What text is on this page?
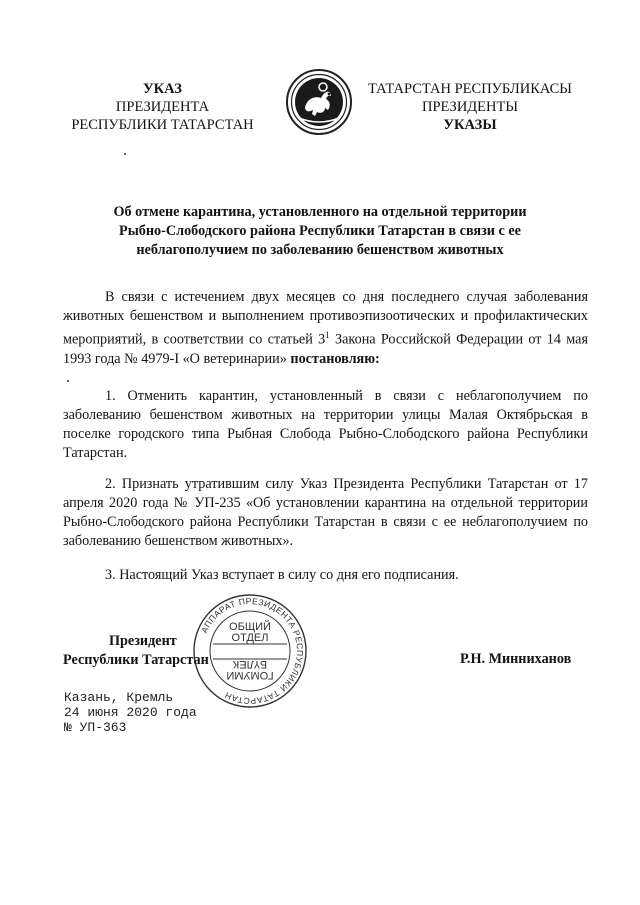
УКАЗ
ПРЕЗИДЕНТА
РЕСПУБЛИКИ ТАТАРСТАН
ТАТАРСТАН РЕСПУБЛИКАСЫ
ПРЕЗИДЕНТЫ
УКАЗЫ
Об отмене карантина, установленного на отдельной территории
Рыбно-Слободского района Республики Татарстан в связи с ее
неблагополучием по заболеванию бешенством животных
В связи с истечением двух месяцев со дня последнего случая заболевания животных бешенством и выполнением противоэпизоотических и профилактических мероприятий, в соответствии со статьей $3^1$ Закона Российской Федерации от 14 мая 1993 года № 4979-I «О ветеринарии» постановляю:
1. Отменить карантин, установленный в связи с неблагополучием по заболеванию бешенством животных на территории улицы Малая Октябрьская в поселке городского типа Рыбная Слобода Рыбно-Слободского района Республики Татарстан.
2. Признать утратившим силу Указ Президента Республики Татарстан от 17 апреля 2020 года № УП-235 «Об установлении карантина на отдельной территории Рыбно-Слободского района Республики Татарстан в связи с ее неблагополучием по заболеванию бешенством животных».
3. Настоящий Указ вступает в силу со дня его подписания.
АППАРАТ ПРЕЗИДЕНТА РЕСПУБЛИКИ ТАТАРСТАН
ОБЩИЙ
ОТДЕЛ
ГОМУМИ
БҮЛЕК
Президент
Республики Татарстан	Р.Н. Минниханов
Казань, Кремль
24 июня 2020 года
№ УП-363
